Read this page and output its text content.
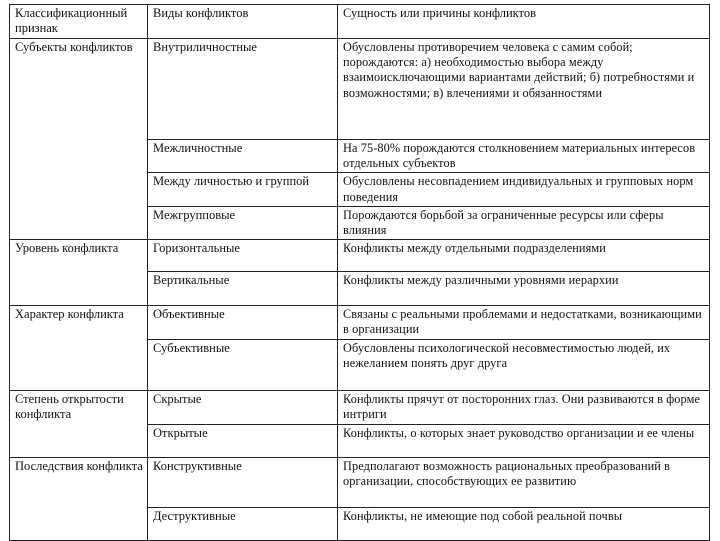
Классификационный признак	Виды конфликтов	Сущность или причины конфликтов
Субъекты конфликтов	Внутриличностные	Обусловлены противоречием человека с самим собой; порождаются: а) необходимостью выбора между взаимоисключающими вариантами действий; б) потребностями и возможностями; в) влечениями и обязанностями
	Межличностные	На 75-80% порождаются столкновением материальных интересов отдельных субъектов
	Между личностью и группой	Обусловлены несовпадением индивидуальных и групповых норм поведения
	Межгрупповые	Порождаются борьбой за ограниченные ресурсы или сферы влияния
Уровень конфликта	Горизонтальные	Конфликты между отдельными подразделениями
	Вертикальные	Конфликты между различными уровнями иерархии
Характер конфликта	Объективные	Связаны с реальными проблемами и недостатками, возникающими в организации
	Субъективные	Обусловлены психологической несовместимостью людей, их нежеланием понять друг друга
Степень открытости конфликта	Скрытые	Конфликты прячут от посторонних глаз. Они развиваются в форме интриги
	Открытые	Конфликты, о которых знает руководство организации и ее члены
Последствия конфликта	Конструктивные	Предполагают возможность рациональных преобразований в организации, способствующих ее развитию
	Деструктивные	Конфликты, не имеющие под собой реальной почвы
